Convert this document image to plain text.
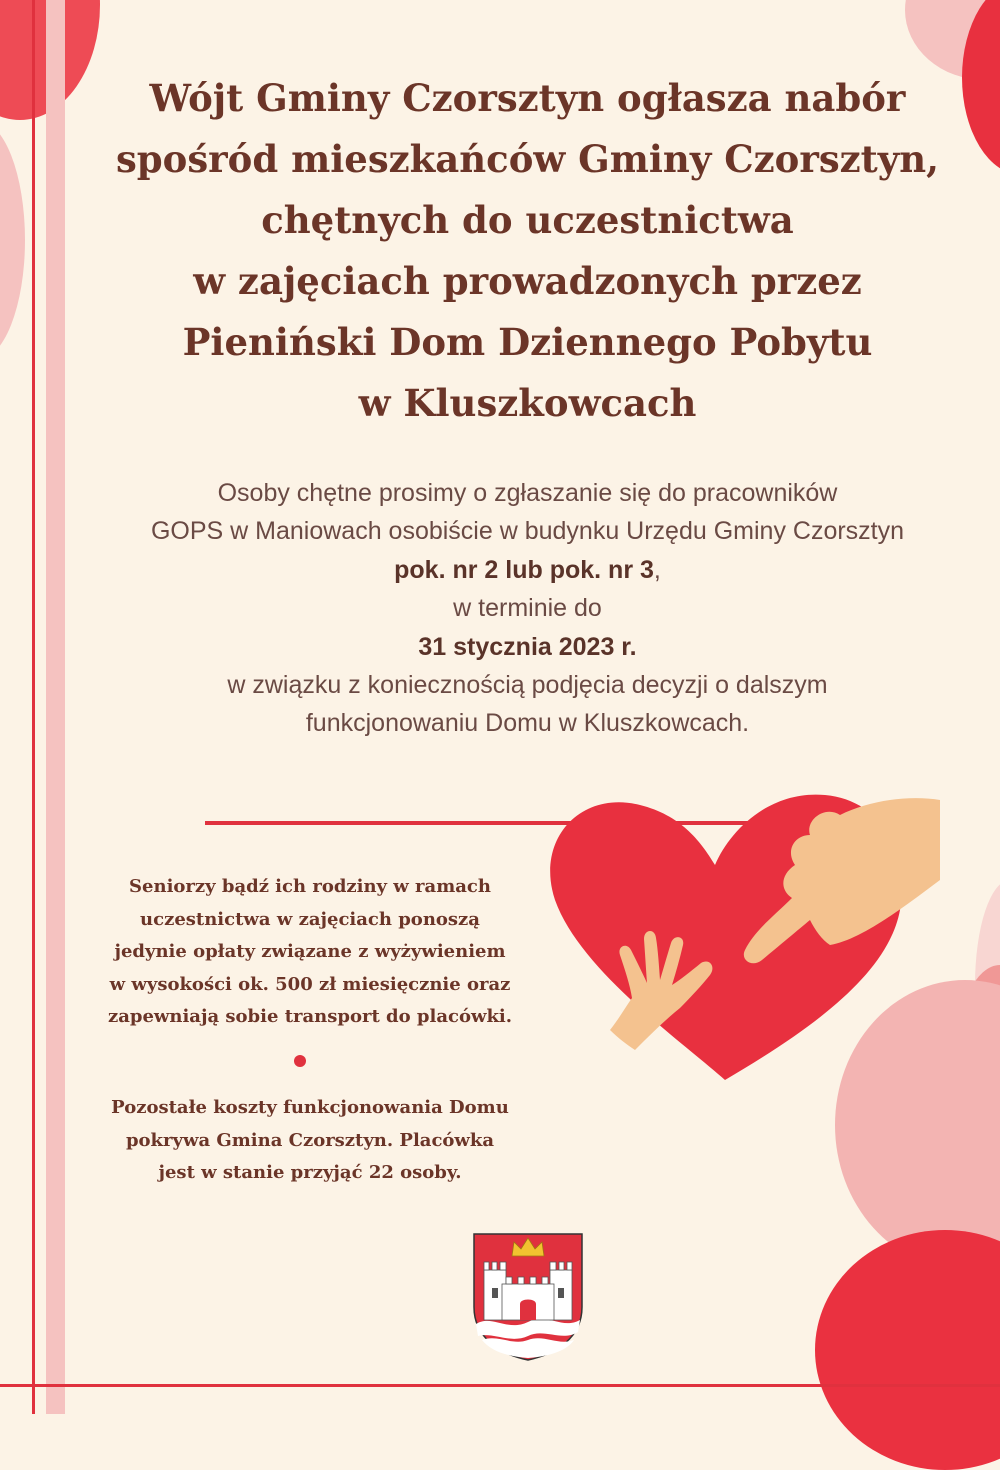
Wójt Gminy Czorsztyn ogłasza nabór
spośród mieszkańców Gminy Czorsztyn,
chętnych do uczestnictwa
w zajęciach prowadzonych przez
Pieniński Dom Dziennego Pobytu
w Kluszkowcach
Osoby chętne prosimy o zgłaszanie się do pracowników
GOPS w Maniowach osobiście w budynku Urzędu Gminy Czorsztyn
pok. nr 2 lub pok. nr 3,
w terminie do
31 stycznia 2023 r.
w związku z koniecznością podjęcia decyzji o dalszym
funkcjonowaniu Domu w Kluszkowcach.
Seniorzy bądź ich rodziny w ramach
uczestnictwa w zajęciach ponoszą
jedynie opłaty związane z wyżywieniem
w wysokości ok. 500 zł miesięcznie oraz
zapewniają sobie transport do placówki.
Pozostałe koszty funkcjonowania Domu
pokrywa Gmina Czorsztyn. Placówka
jest w stanie przyjąć 22 osoby.
